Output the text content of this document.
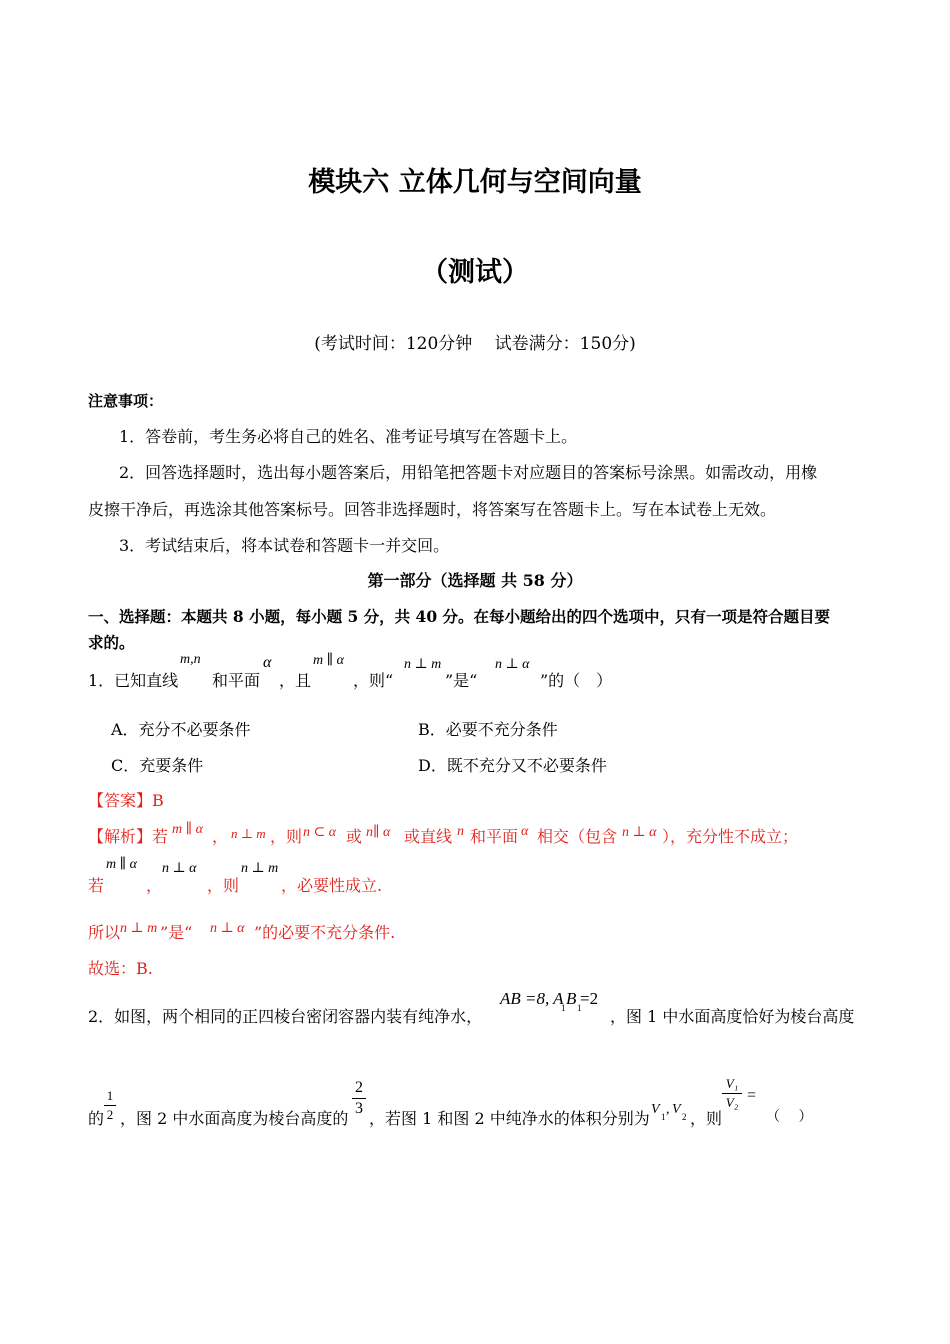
模块六 立体几何与空间向量
（测试）
(考试时间：120分钟　 试卷满分：150分)
注意事项：
1．答卷前，考生务必将自己的姓名、准考证号填写在答题卡上。
2．回答选择题时，选出每小题答案后，用铅笔把答题卡对应题目的答案标号涂黑。如需改动，用橡
皮擦干净后，再选涂其他答案标号。回答非选择题时，将答案写在答题卡上。写在本试卷上无效。
3．考试结束后，将本试卷和答题卡一并交回。
第一部分（选择题 共 58 分）
一、选择题：本题共 8 小题，每小题 5 分，共 40 分。在每小题给出的四个选项中，只有一项是符合题目要
求的。
1．已知直线
m,n
和平面
α
，且
m ∥ α
，则“
n ⊥ m
”是“
n ⊥ α
”的（　）
A．充分不必要条件	B．必要不充分条件
C．充要条件	D．既不充分又不必要条件
【答案】B
【解析】若 m ∥ α ， n ⊥ m ，则 n ⊂ α 或 n∥ α 或直线 n 和平面 α 相交（包含 n ⊥ α ），充分性不成立；
若
m ∥ α
，
n ⊥ α
，则
n ⊥ m
，必要性成立.
所以 n ⊥ m ”是“ n ⊥ α ”的必要不充分条件.
故选：B.
2．如图，两个相同的正四棱台密闭容器内装有纯净水，
AB =8, A B
1 1
=2
，图 1 中水面高度恰好为棱台高度
的
1
2 ，图 2 中水面高度为棱台高度的
2
3
，若图 1 和图 2 中纯净水的体积分别为 V 1 , V 2 ，则
V₁
V₂ =
（　 ）
